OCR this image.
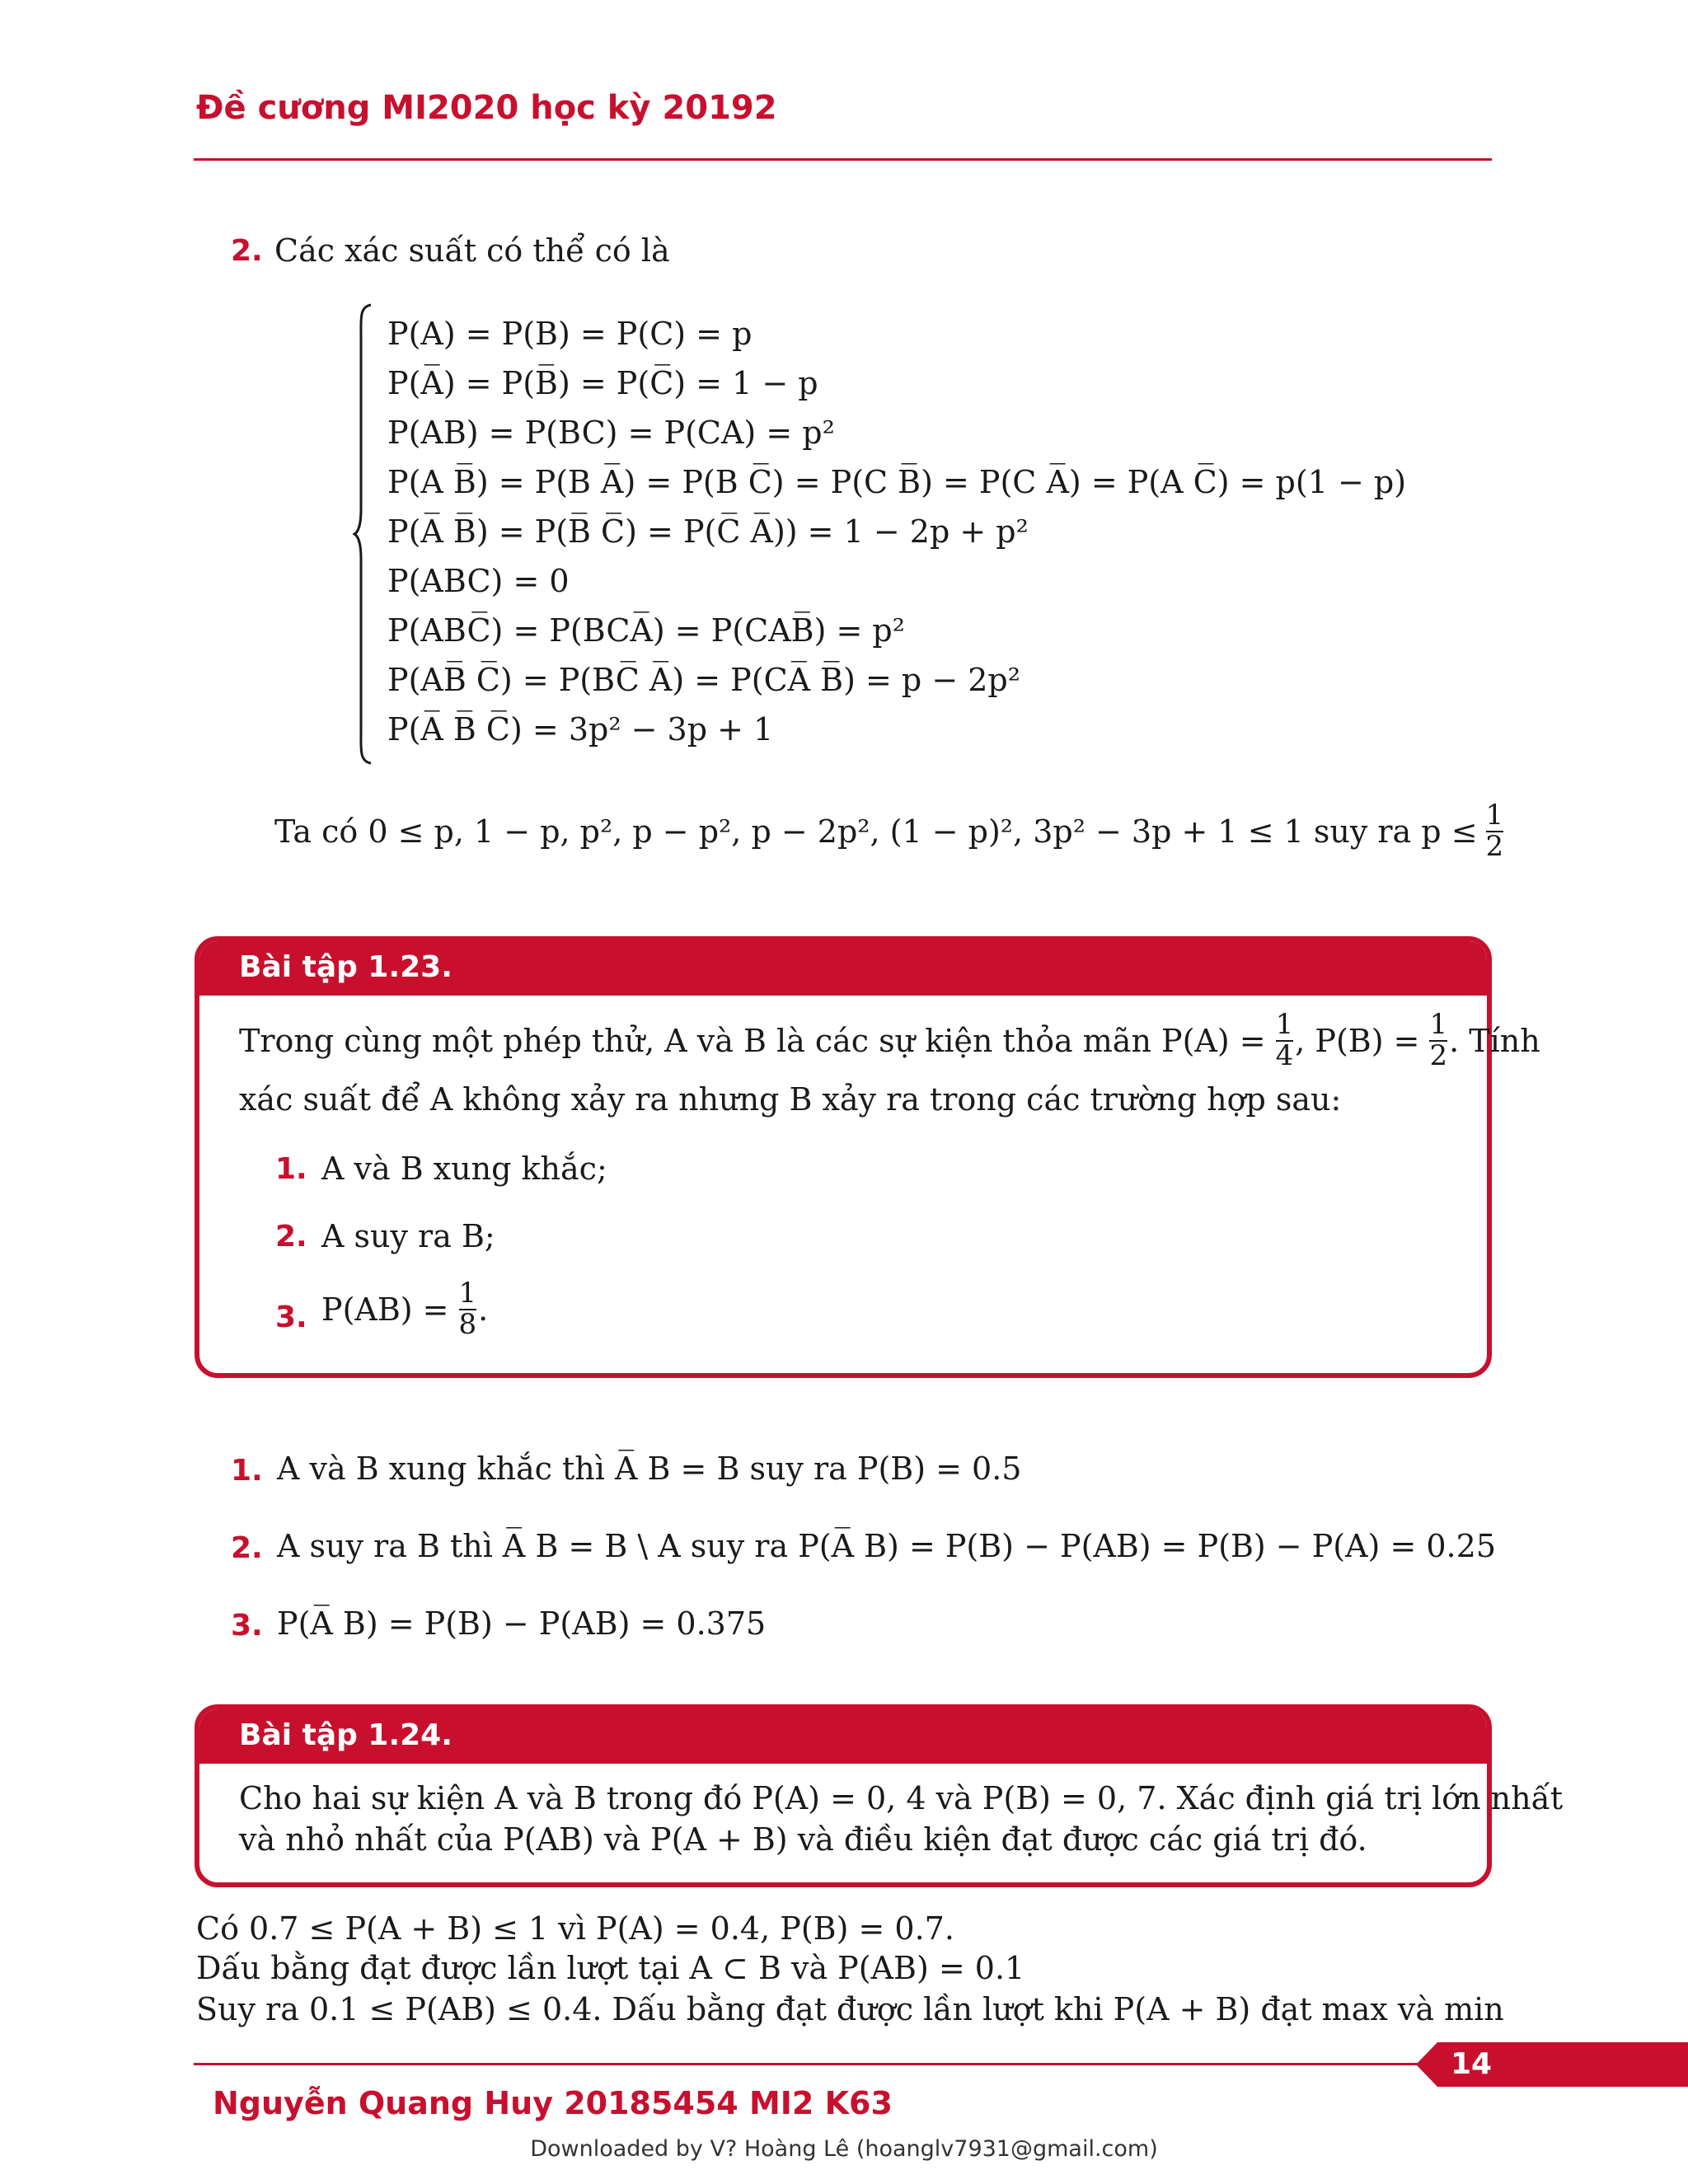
Đề cương MI2020 học kỳ 20192
2. Các xác suất có thể có là
P(A) = P(B) = P(C) = p
P(A̅) = P(B̅) = P(C̅) = 1 − p
P(AB) = P(BC) = P(CA) = p²
P(A B̅) = P(B A̅) = P(B C̅) = P(C B̅) = P(C A̅) = P(A C̅) = p(1 − p)
P(A̅ B̅) = P(B̅ C̅) = P(C̅ A̅)) = 1 − 2p + p²
P(ABC) = 0
P(ABC̅) = P(BCA̅) = P(CAB̅) = p²
P(AB̅ C̅) = P(BC̅ A̅) = P(CA̅ B̅) = p − 2p²
P(A̅ B̅ C̅) = 3p² − 3p + 1
Ta có 0 ≤ p, 1 − p, p², p − p², p − 2p², (1 − p)², 3p² − 3p + 1 ≤ 1 suy ra $p \le \frac{1}{2}$
Bài tập 1.23.
Trong cùng một phép thử, A và B là các sự kiện thỏa mãn $P(A) = \frac{1}{4}$ , $P(B) = \frac{1}{2}$ . Tính
xác suất để A không xảy ra nhưng B xảy ra trong các trường hợp sau:
1. A và B xung khắc;
2. A suy ra B;
3. $P(AB) = \frac{1}{8}$ .
1. A và B xung khắc thì A̅ B = B suy ra P(B) = 0.5
2. A suy ra B thì A̅ B = B \ A suy ra P(A̅ B) = P(B) − P(AB) = P(B) − P(A) = 0.25
3. P(A̅ B) = P(B) − P(AB) = 0.375
Bài tập 1.24.
Cho hai sự kiện A và B trong đó P(A) = 0, 4 và P(B) = 0, 7. Xác định giá trị lớn nhất
và nhỏ nhất của P(AB) và P(A + B) và điều kiện đạt được các giá trị đó.
Có 0.7 ≤ P(A + B) ≤ 1 vì P(A) = 0.4, P(B) = 0.7.
Dấu bằng đạt được lần lượt tại A ⊂ B và P(AB) = 0.1
Suy ra 0.1 ≤ P(AB) ≤ 0.4. Dấu bằng đạt được lần lượt khi P(A + B) đạt max và min
14
Nguyễn Quang Huy 20185454 MI2 K63
Downloaded by V? Hoàng Lê (hoanglv7931@gmail.com)
